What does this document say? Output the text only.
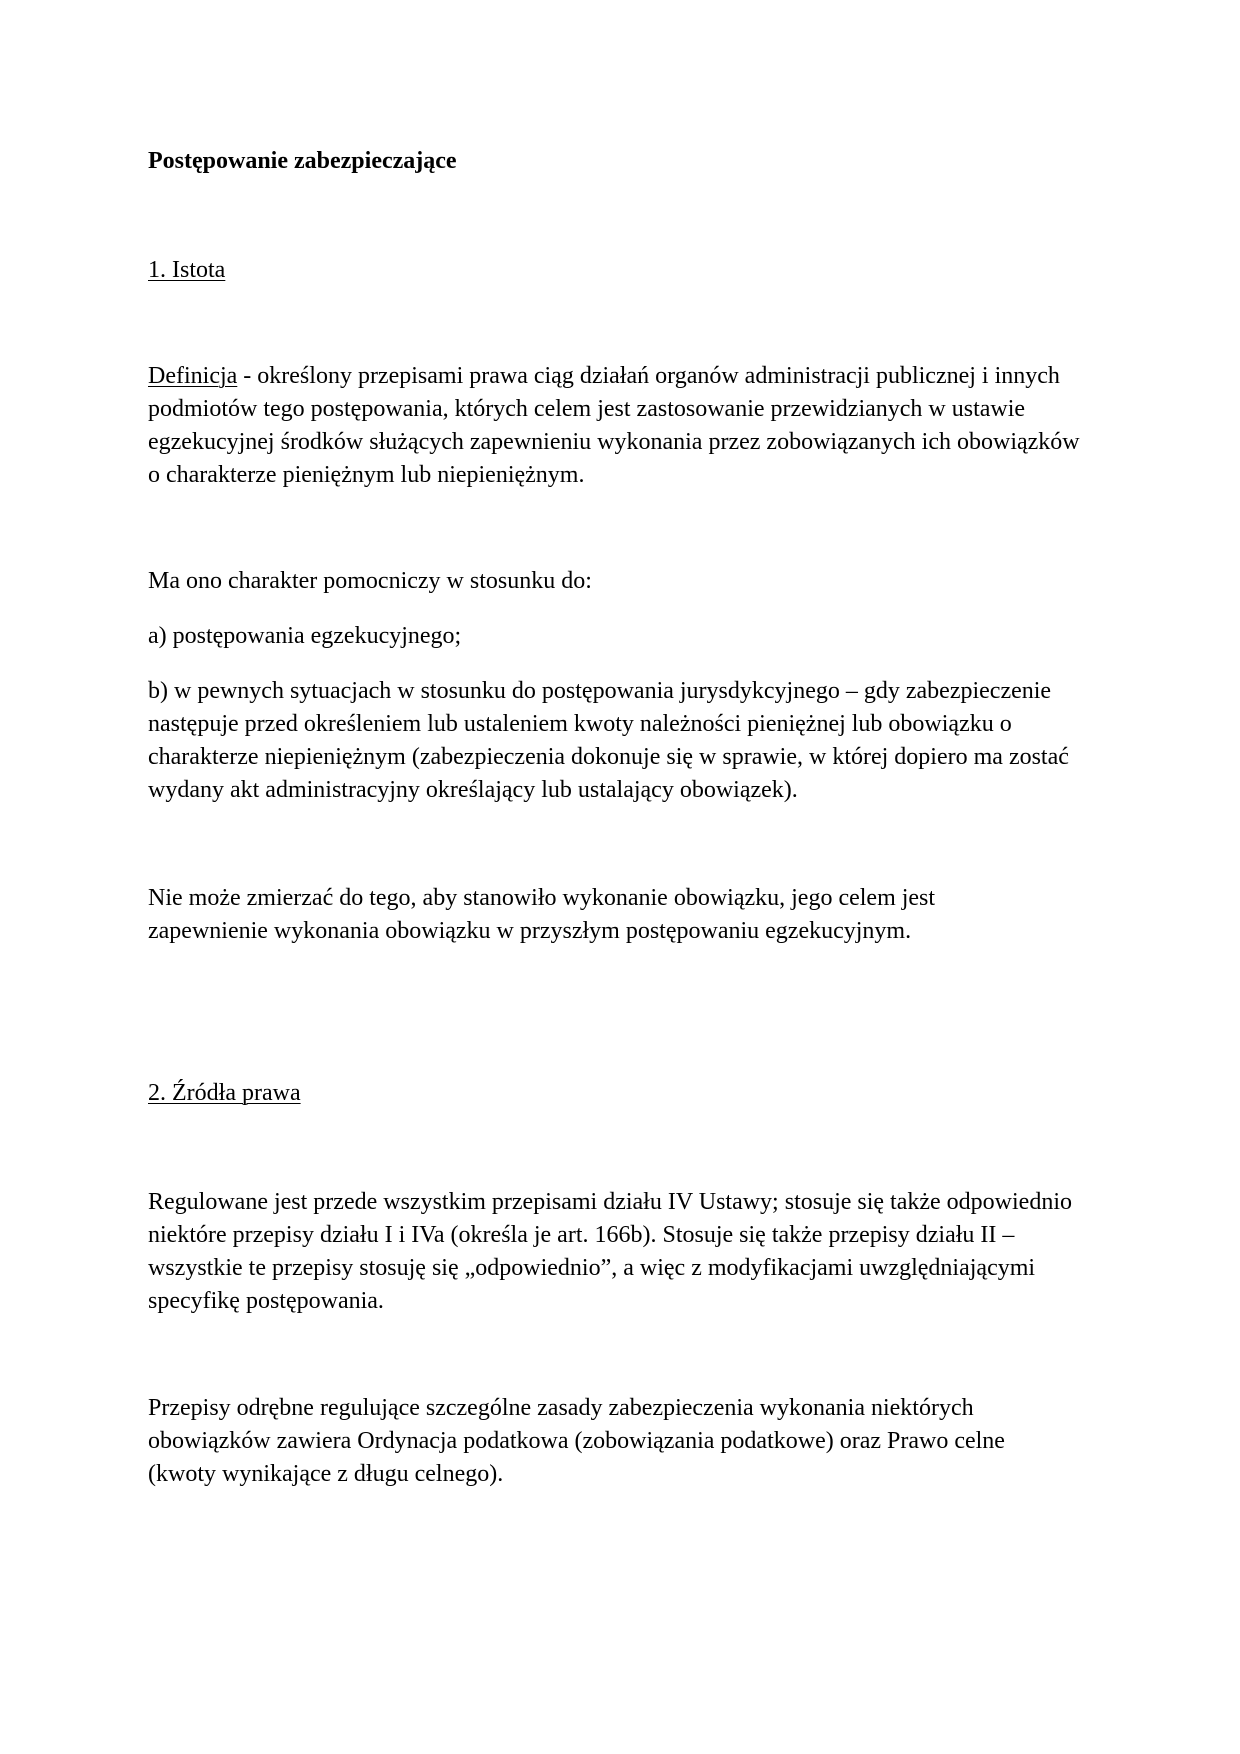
Postępowanie zabezpieczające

1. Istota

Definicja - określony przepisami prawa ciąg działań organów administracji publicznej i innych podmiotów tego postępowania, których celem jest zastosowanie przewidzianych w ustawie egzekucyjnej środków służących zapewnieniu wykonania przez zobowiązanych ich obowiązków o charakterze pieniężnym lub niepieniężnym.

Ma ono charakter pomocniczy w stosunku do:

a) postępowania egzekucyjnego;

b) w pewnych sytuacjach w stosunku do postępowania jurysdykcyjnego – gdy zabezpieczenie następuje przed określeniem lub ustaleniem kwoty należności pieniężnej lub obowiązku o charakterze niepieniężnym (zabezpieczenia dokonuje się w sprawie, w której dopiero ma zostać wydany akt administracyjny określający lub ustalający obowiązek).

Nie może zmierzać do tego, aby stanowiło wykonanie obowiązku, jego celem jest zapewnienie wykonania obowiązku w przyszłym postępowaniu egzekucyjnym.

2. Źródła prawa

Regulowane jest przede wszystkim przepisami działu IV Ustawy; stosuje się także odpowiednio niektóre przepisy działu I i IVa (określa je art. 166b). Stosuje się także przepisy działu II – wszystkie te przepisy stosuję się „odpowiednio”, a więc z modyfikacjami uwzględniającymi specyfikę postępowania.

Przepisy odrębne regulujące szczególne zasady zabezpieczenia wykonania niektórych obowiązków zawiera Ordynacja podatkowa (zobowiązania podatkowe) oraz Prawo celne (kwoty wynikające z długu celnego).
